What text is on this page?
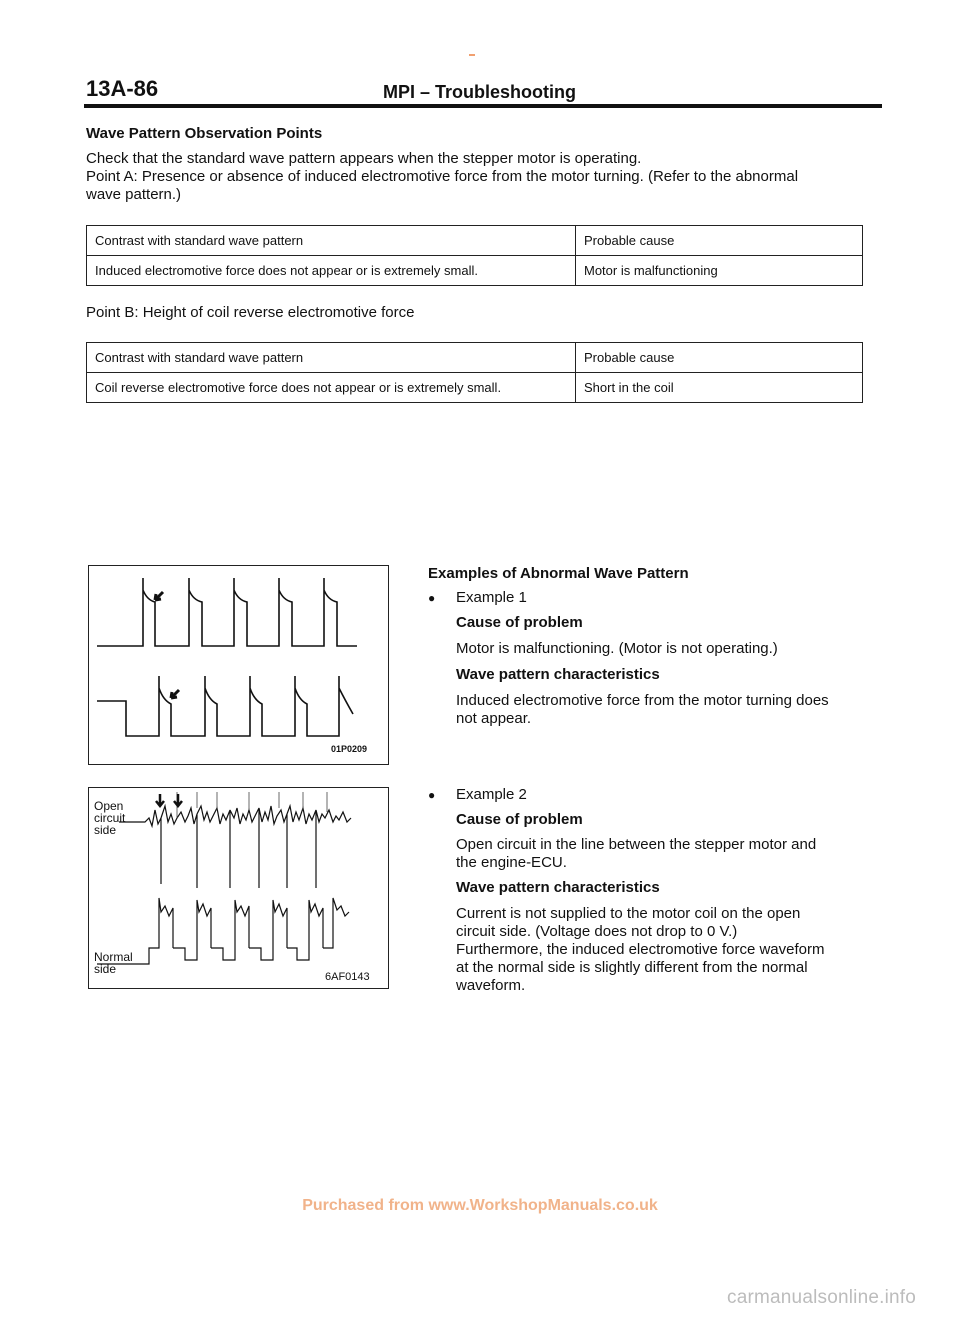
13A-86	MPI – Troubleshooting
Wave Pattern Observation Points
Check that the standard wave pattern appears when the stepper motor is operating.
Point A: Presence or absence of induced electromotive force from the motor turning. (Refer to the abnormal
wave pattern.)
Contrast with standard wave pattern	Probable cause
Induced electromotive force does not appear or is extremely small.	Motor is malfunctioning
Point B: Height of coil reverse electromotive force
Contrast with standard wave pattern	Probable cause
Coil reverse electromotive force does not appear or is extremely small.	Short in the coil
01P0209
Open
circuit
side
Normal
side
6AF0143
Examples of Abnormal Wave Pattern
● Example 1
Cause of problem
Motor is malfunctioning. (Motor is not operating.)
Wave pattern characteristics
Induced electromotive force from the motor turning does
not appear.
● Example 2
Cause of problem
Open circuit in the line between the stepper motor and
the engine-ECU.
Wave pattern characteristics
Current is not supplied to the motor coil on the open
circuit side. (Voltage does not drop to 0 V.)
Furthermore, the induced electromotive force waveform
at the normal side is slightly different from the normal
waveform.
Purchased from www.WorkshopManuals.co.uk
carmanualsonline.info
